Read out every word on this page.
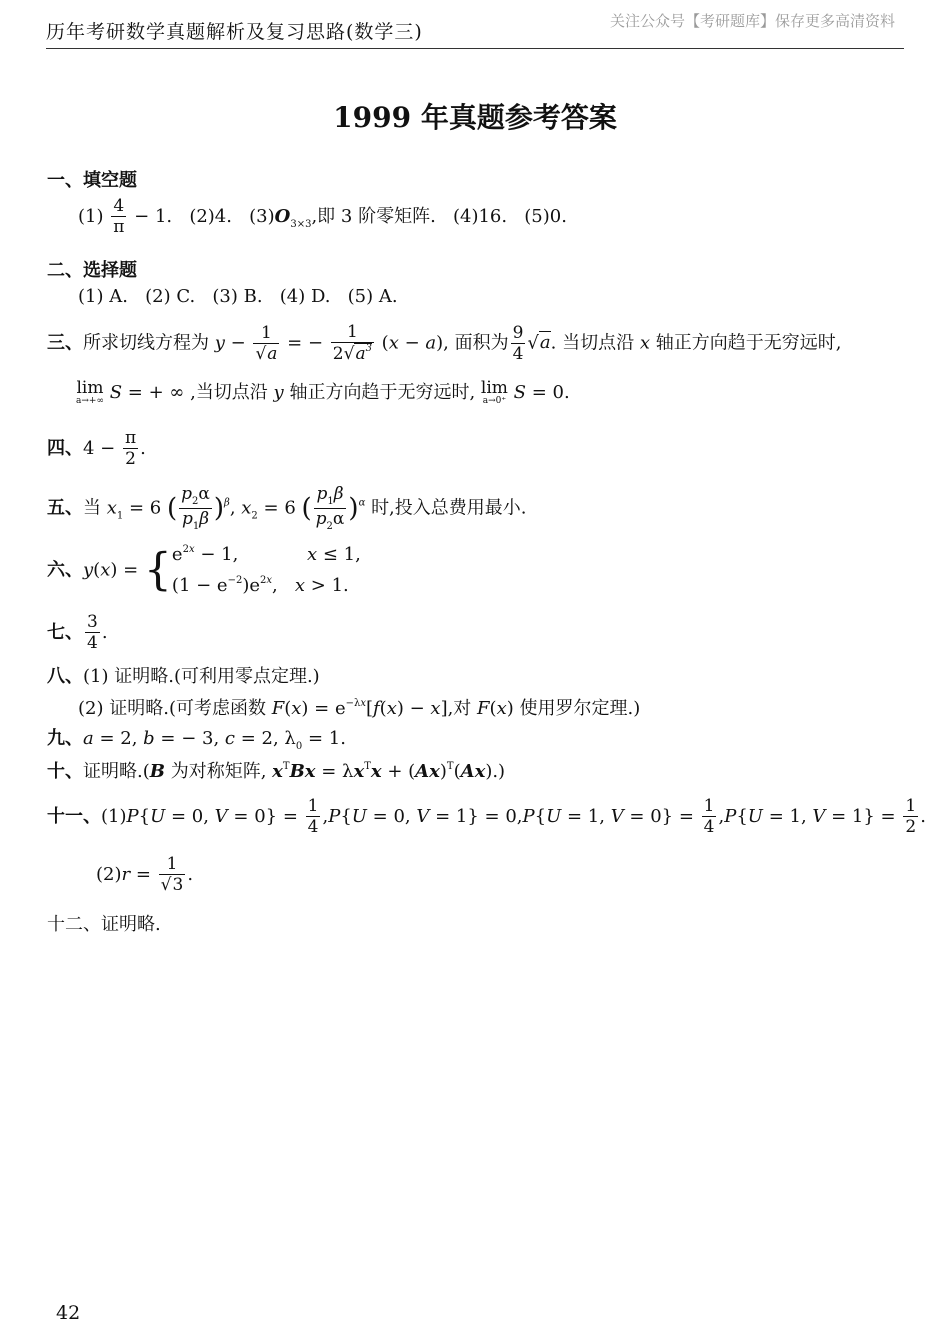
历年考研数学真题解析及复习思路(数学三)	关注公众号【考研题库】保存更多高清资料
1999 年真题参考答案
一、填空题
$(1) \frac{4}{\pi} - 1$. (2)4. $(3)O_{3\times 3}$,即 3 阶零矩阵. (4)16. (5)0.
二、选择题
(1) A. (2) C. (3) B. (4) D. (5) A.
三、所求切线方程为 $y - \frac{1}{√a}$ = − $\frac{1}{2√a^3} (x - a)$, 面积为 $\frac{9}{4} √a$. 当切点沿 x 轴正方向趋于无穷远时,
lim
a→+∞ S = + ∞ ,当切点沿 y 轴正方向趋于无穷远时, lim
a→0⁺ S = 0.
四、$4 - \frac{\pi}{2}$ .
五、当 $x_1 = 6$ ( $\frac{p_2\alpha}{p_1\beta} )^\beta$, $x_2 = 6$ ( $\frac{p_1\beta}{p_2\alpha} )^\alpha$ 时,投入总费用最小.
六、y(x) = { $e^{2x} - 1$,            x ≤ 1,
$(1 - e^{-2})e^{2x}$,   x > 1.
七、 $\frac{3}{4}$ .
八、(1) 证明略.(可利用零点定理.)
(2) 证明略.(可考虑函数 $F(x) = e^{-\lambda x}[f(x) - x]$,对 F(x) 使用罗尔定理.)
九、a = 2, b = − 3, c = 2, $\lambda_0 = 1$.
十、证明略.(B 为对称矩阵, $x^TBx = \lambda x^Tx + (Ax)^T(Ax)$.)
十一、(1)P{U = 0, $V = 0\} = \frac{1}{4} ,P\{U = 0$, V = 1} = 0,P{U = 1, $V = 0\} = \frac{1}{4} ,P\{U = 1$, $V = 1\} = \frac{1}{2}$ .
$(2)r = \frac{1}{√3}$ .
十二、证明略.
42
